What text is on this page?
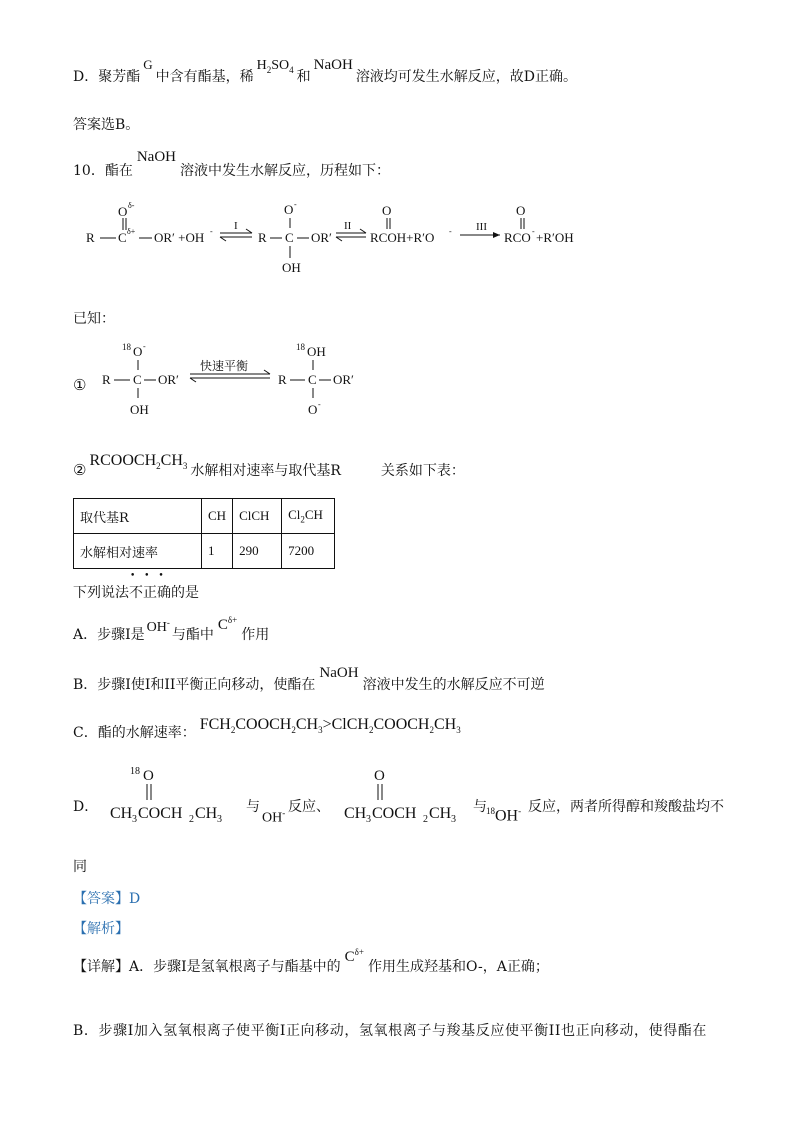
D．聚芳酯G中含有酯基，稀$H_2SO_4$ 和NaOH溶液均可发生水解反应，故D正确。
答案选B。
10．酯在NaOH溶液中发生水解反应，历程如下：
R C δ+
O δ-
OR′ +OH - I
R C
O -
OH
OR′
II
RCOH+R′O -
O
III
RCO - +R′OH
O
已知：
①
18 O -
R C OR′
OH
快速平衡
18 OH
R C OR′
O -
$②RCOOCH_2CH_3$ 水解相对速率与取代基R	关系如下表：
取代基R	CH	ClCH	$Cl_2CH$
水解相对速率	1	290	7200
• • •
下列说法不正确的是
A．步骤I是 OH-与酯中$C^{\delta+}$作用
B．步骤I使I和II平衡正向移动，使酯在NaOH溶液中发生的水解反应不可逆
C．酯的水解速率： $FCH_2COOCH_2CH_3>ClCH_2COOCH_2CH_3$
D．
18 O
CH 3 COCH 2 CH 3
与
OH- 反应、
O
CH 3 COCH 2 CH 3
与 $^{18}$OH- 反应，两者所得醇和羧酸盐均不
同
【答案】D
【解析】
【详解】A．步骤I是氢氧根离子与酯基中的$C^{\delta+}$作用生成羟基和O-，A正确；
B．步骤I加入氢氧根离子使平衡I正向移动，氢氧根离子与羧基反应使平衡II也正向移动，使得酯在
